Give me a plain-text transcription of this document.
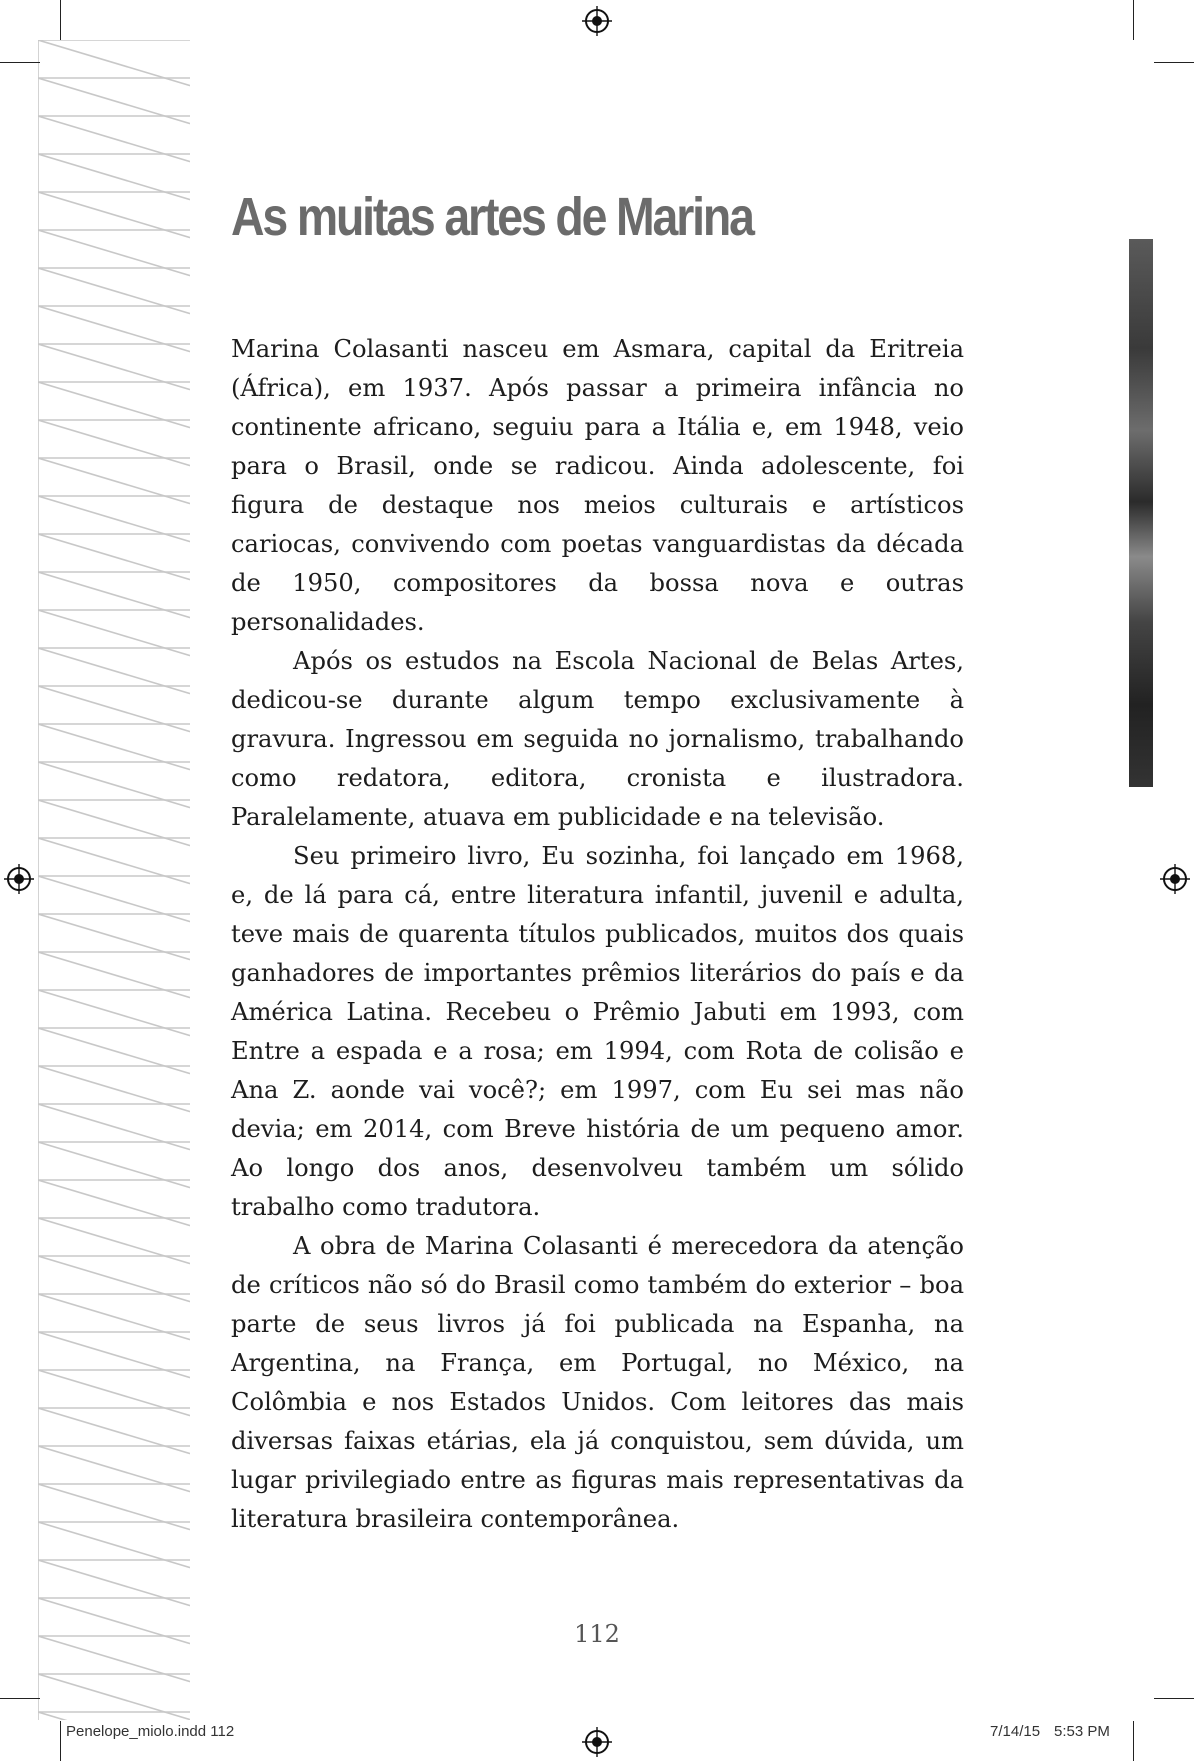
As muitas artes de Marina

Marina Colasanti nasceu em Asmara, capital da Eritreia (África), em 1937. Após passar a primeira infância no continente africano, seguiu para a Itália e, em 1948, veio para o Brasil, onde se radicou. Ainda adolescente, foi figura de destaque nos meios culturais e artísticos cariocas, convivendo com poetas vanguardistas da década de 1950, compositores da bossa nova e outras personalidades.

Após os estudos na Escola Nacional de Belas Artes, dedicou-se durante algum tempo exclusivamente à gravura. Ingressou em seguida no jornalismo, trabalhando como redatora, editora, cronista e ilustradora. Paralelamente, atuava em publicidade e na televisão.

Seu primeiro livro, Eu sozinha, foi lançado em 1968, e, de lá para cá, entre literatura infantil, juvenil e adulta, teve mais de quarenta títulos publicados, muitos dos quais ganhadores de importantes prêmios literários do país e da América Latina. Recebeu o Prêmio Jabuti em 1993, com Entre a espada e a rosa; em 1994, com Rota de colisão e Ana Z. aonde vai você?; em 1997, com Eu sei mas não devia; em 2014, com Breve história de um pequeno amor. Ao longo dos anos, desenvolveu também um sólido trabalho como tradutora.

A obra de Marina Colasanti é merecedora da atenção de críticos não só do Brasil como também do exterior – boa parte de seus livros já foi publicada na Espanha, na Argentina, na França, em Portugal, no México, na Colômbia e nos Estados Unidos. Com leitores das mais diversas faixas etárias, ela já conquistou, sem dúvida, um lugar privilegiado entre as figuras mais representativas da literatura brasileira contemporânea.

112
Penelope_miolo.indd 112	7/14/15 5:53 PM
